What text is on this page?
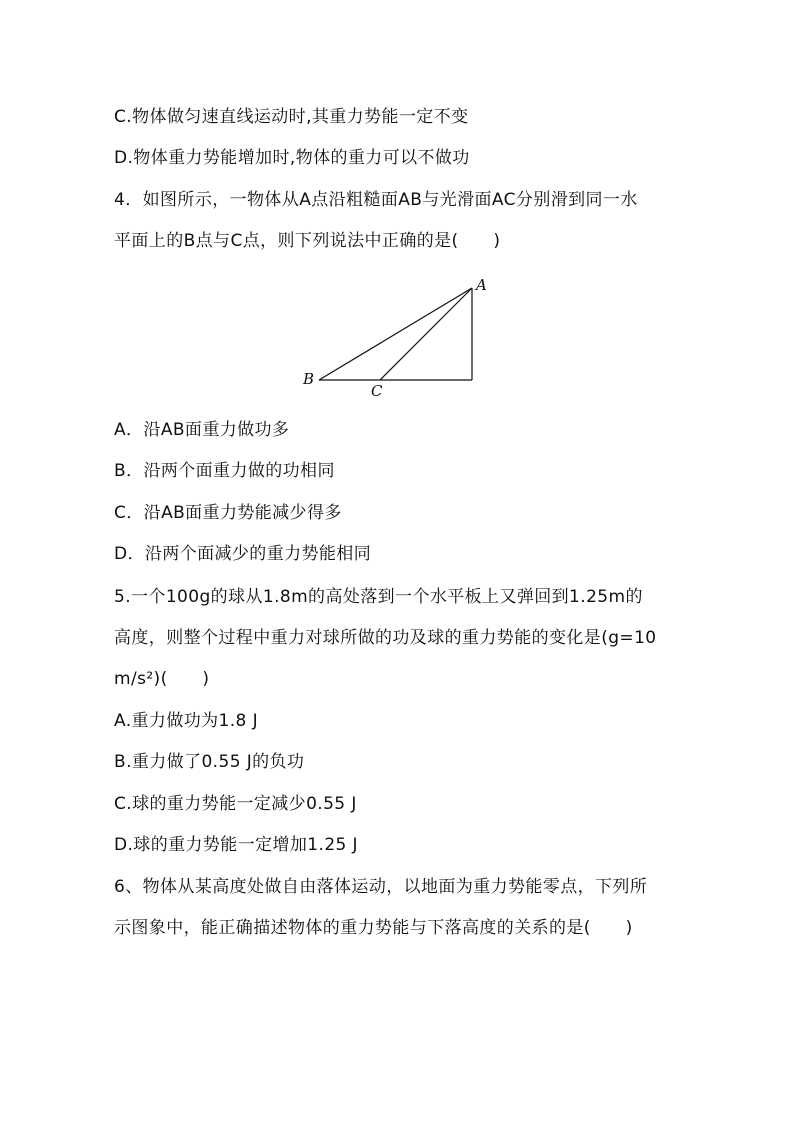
C.物体做匀速直线运动时,其重力势能一定不变
D.物体重力势能增加时,物体的重力可以不做功
4．如图所示，一物体从A点沿粗糙面AB与光滑面AC分别滑到同一水
平面上的B点与C点，则下列说法中正确的是(　　)
A
B
C
A．沿AB面重力做功多
B．沿两个面重力做的功相同
C．沿AB面重力势能减少得多
D．沿两个面减少的重力势能相同
5.一个100g的球从1.8m的高处落到一个水平板上又弹回到1.25m的
高度，则整个过程中重力对球所做的功及球的重力势能的变化是(g=10
m/s²)(　　)
A.重力做功为1.8 J
B.重力做了0.55 J的负功
C.球的重力势能一定减少0.55 J
D.球的重力势能一定增加1.25 J
6、物体从某高度处做自由落体运动，以地面为重力势能零点，下列所
示图象中，能正确描述物体的重力势能与下落高度的关系的是(　　)
